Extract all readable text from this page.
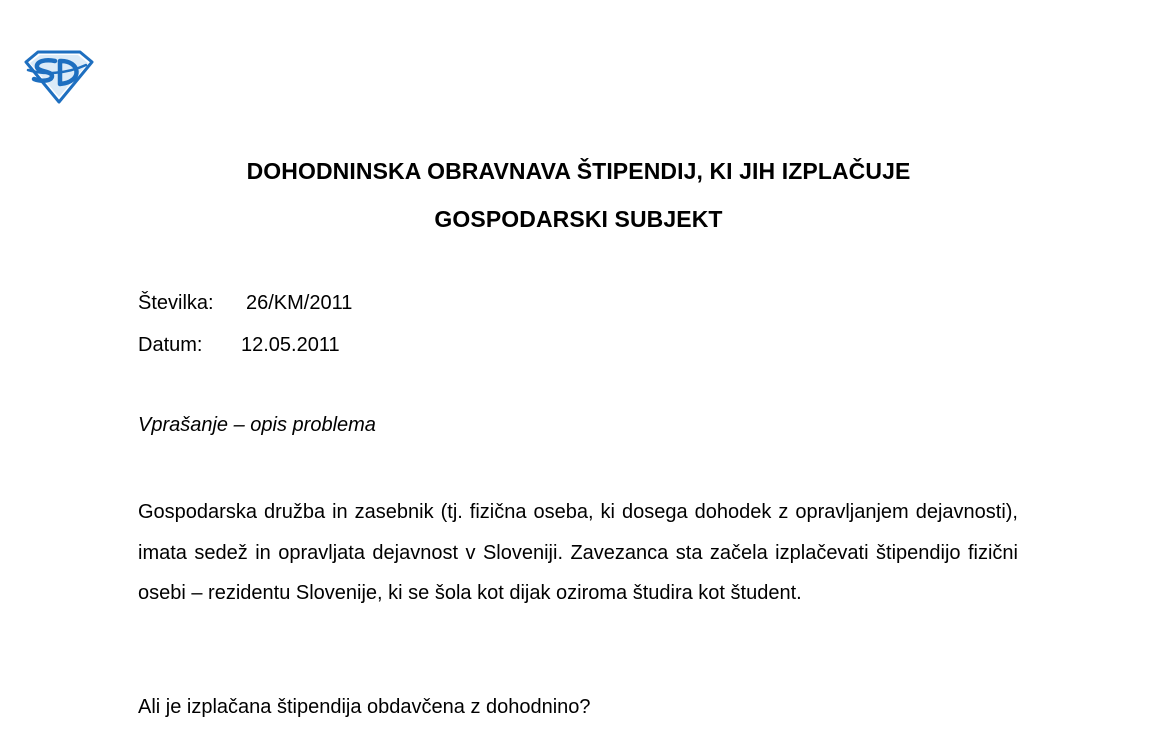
DOHODNINSKA OBRAVNAVA ŠTIPENDIJ, KI JIH IZPLAČUJE
GOSPODARSKI SUBJEKT
Številka: 26/KM/2011
Datum: 12.05.2011
Vprašanje – opis problema
Gospodarska družba in zasebnik (tj. fizična oseba, ki dosega dohodek z opravljanjem dejavnosti), imata sedež in opravljata dejavnost v Sloveniji. Zavezanca sta začela izplačevati štipendijo fizični osebi – rezidentu Slovenije, ki se šola kot dijak oziroma študira kot študent.
Ali je izplačana štipendija obdavčena z dohodnino?
